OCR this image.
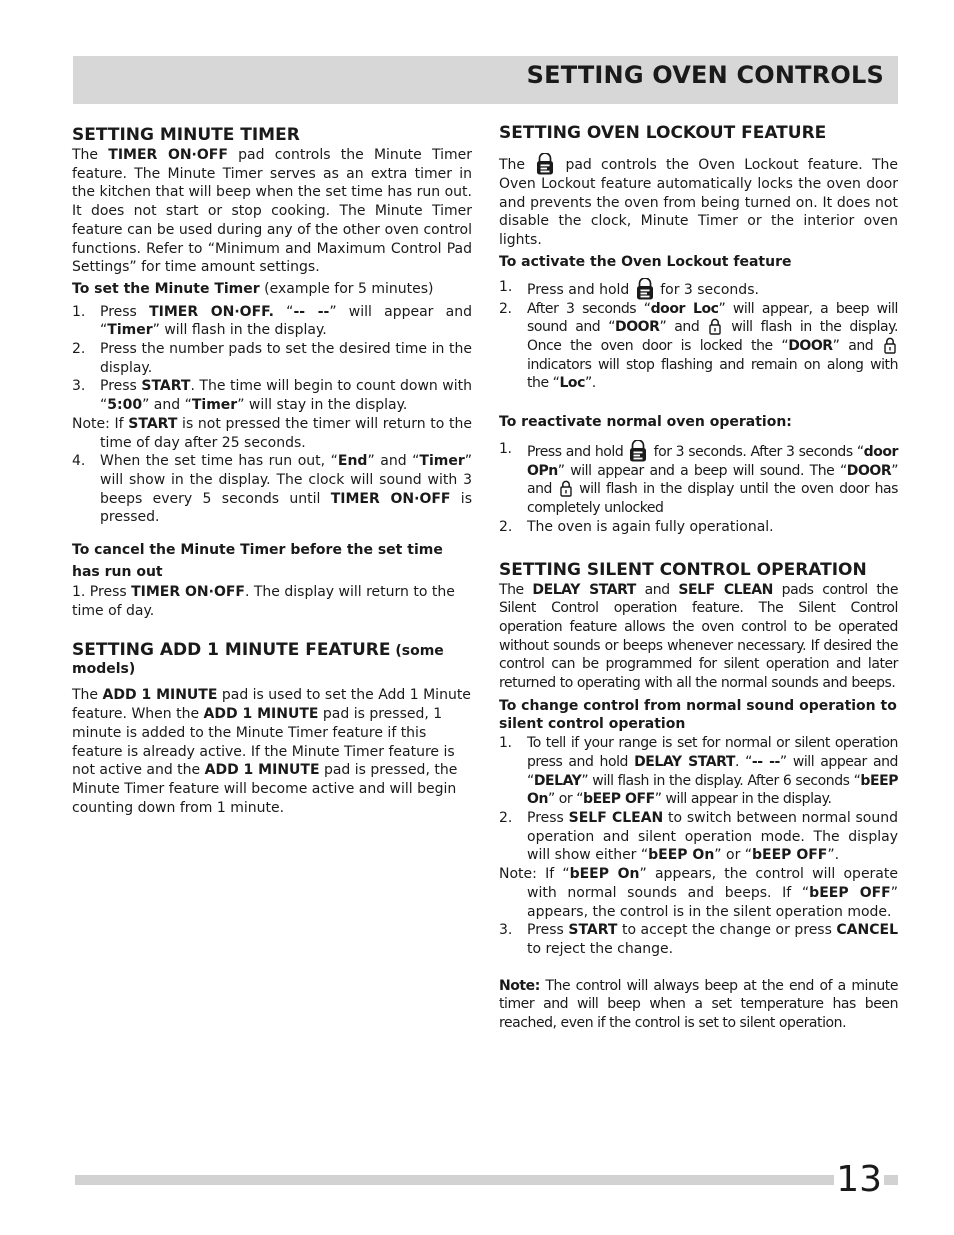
SETTING OVEN CONTROLS
SETTING MINUTE TIMER

The TIMER ON·OFF pad controls the Minute Timer feature. The Minute Timer serves as an extra timer in the kitchen that will beep when the set time has run out. It does not start or stop cooking. The Minute Timer feature can be used during any of the other oven control functions. Refer to “Minimum and Maximum Control Pad Settings” for time amount settings.

To set the Minute Timer (example for 5 minutes)

1. Press TIMER ON·OFF. “-- --” will appear and “Timer” will flash in the display.
2. Press the number pads to set the desired time in the display.
3. Press START. The time will begin to count down with “5:00” and “Timer” will stay in the display.

Note: If START is not pressed the timer will return to the time of day after 25 seconds.

4. When the set time has run out, “End” and “Timer” will show in the display. The clock will sound with 3 beeps every 5 seconds until TIMER ON·OFF is pressed.

To cancel the Minute Timer before the set time has run out

1. Press TIMER ON·OFF. The display will return to the time of day.

SETTING ADD 1 MINUTE FEATURE (some models)

The ADD 1 MINUTE pad is used to set the Add 1 Minute feature. When the ADD 1 MINUTE pad is pressed, 1 minute is added to the Minute Timer feature if this feature is already active. If the Minute Timer feature is not active and the ADD 1 MINUTE pad is pressed, the Minute Timer feature will become active and will begin counting down from 1 minute.

SETTING OVEN LOCKOUT FEATURE

The  pad controls the Oven Lockout feature. The Oven Lockout feature automatically locks the oven door and prevents the oven from being turned on. It does not disable the clock, Minute Timer or the interior oven lights.

To activate the Oven Lockout feature

1. Press and hold  for 3 seconds.
2. After 3 seconds “door Loc” will appear, a beep will sound and “DOOR” and  will flash in the display. Once the oven door is locked the “DOOR” and  indicators will stop flashing and remain on along with the “Loc”.

To reactivate normal oven operation:

1. Press and hold  for 3 seconds. After 3 seconds “door OPn” will appear and a beep will sound. The “DOOR” and  will flash in the display until the oven door has completely unlocked
2. The oven is again fully operational.
SETTING SILENT CONTROL OPERATION

The DELAY START and SELF CLEAN pads control the Silent Control operation feature. The Silent Control operation feature allows the oven control to be operated without sounds or beeps whenever necessary. If desired the control can be programmed for silent operation and later returned to operating with all the normal sounds and beeps.

To change control from normal sound operation to silent control operation

1. To tell if your range is set for normal or silent operation press and hold DELAY START. “-- --” will appear and “DELAY” will flash in the display. After 6 seconds “bEEP On” or “bEEP OFF” will appear in the display.
2. Press SELF CLEAN to switch between normal sound operation and silent operation mode. The display will show either “bEEP On” or “bEEP OFF”.

Note: If “bEEP On” appears, the control will operate with normal sounds and beeps. If “bEEP OFF” appears, the control is in the silent operation mode.

3. Press START to accept the change or press CANCEL to reject the change.

Note: The control will always beep at the end of a minute timer and will beep when a set temperature has been reached, even if the control is set to silent operation.

13
